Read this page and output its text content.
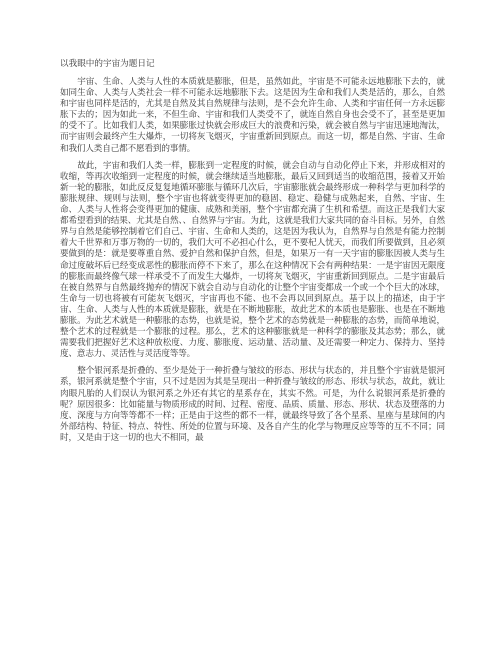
以我眼中的宇宙为题日记

宇宙、生命、人类与人性的本质就是膨胀，但是，虽然如此，宇宙是不可能永远地膨胀下去的，就如同生命、人类与人类社会一样不可能永远地膨胀下去。这是因为生命和我们人类是活的，那么，自然和宇宙也同样是活的，尤其是自然及其自然规律与法则，是不会允许生命、人类和宇宙任何一方永远膨胀下去的；因为如此一来，不但生命、宇宙和我们人类受不了，就连自然自身也会受不了，甚至是更加的受不了。比如我们人类，如果膨胀过快就会形成巨大的浪费和污染，就会被自然与宇宙迅速地淘汰，而宇宙则会最终产生大爆炸，一切将灰飞烟灭，宇宙重新回到原点。而这一切，都是自然、宇宙、生命和我们人类自己都不愿看到的事情。

故此，宇宙和我们人类一样，膨胀到一定程度的时候，就会自动与自动化停止下来，并形成相对的收缩，等再次收缩到一定程度的时候，就会继续适当地膨胀，最后又回到适当的收缩范围，接着又开始新一轮的膨胀，如此反反复复地循环膨胀与循环几次后，宇宙膨胀就会最终形成一种科学与更加科学的膨胀规律、规则与法则，整个宇宙也将就变得更加的稳固、稳定、稳健与成熟起来，自然、宇宙、生命、人类与人性将会变得更加的健康、成熟和美丽，整个宇宙都充满了生机和希望。而这正是我们大家都希望看到的结果、尤其是自然、、自然界与宇宙。为此，这就是我们大家共同的奋斗目标。另外，自然界与自然是能够控制着它们自己、宇宙、生命和人类的，这是因为我认为，自然界与自然是有能力控制着大千世界和万事万物的一切的，我们大可不必担心什么，更不要杞人忧天，而我们所要做到，且必须要做到的是：就是要尊重自然、爱护自然和保护自然，但是，如果万一有一天宇宙的膨胀因被人类与生命过度破坏后已经变成恶性的膨胀而停不下来了，那么在这种情况下会有两种结果：一是宇宙因无限度的膨胀而最终像气球一样承受不了而发生大爆炸，一切将灰飞烟灭，宇宙重新回到原点。二是宇宙最后在被自然界与自然最终抛弃的情况下就会自动与自动化的让整个宇宙变都成一个或一个个巨大的冰球，生命与一切也将被有可能灰飞烟灭，宇宙再也不能、也不会再以回到原点。基于以上的描述，由于宇宙、生命、人类与人性的本质就是膨胀，就是在不断地膨胀，故此艺术的本质也是膨胀、也是在不断地膨胀。为此艺术就是一种膨胀的态势，也就是说，整个艺术的态势就是一种膨胀的态势，而简单地说，整个艺术的过程就是一个膨胀的过程。那么，艺术的这种膨胀就是一种科学的膨胀及其态势；那么，就需要我们把握好艺术这种放松度、力度、膨胀度、运动量、活动量、及还需要一种定力、保持力、坚持度、意志力、灵活性与灵活度等等。

整个银河系是折叠的、至少是处于一种折叠与皱纹的形态、形状与状态的，并且整个宇宙就是银河系，银河系就是整个宇宙，只不过是因为其是呈现出一种折叠与皱纹的形态、形状与状态，故此，就让肉眼凡胎的人们误认为银河系之外还有其它的星系存在，其实不然。可是，为什么说银河系是折叠的呢？原因很多：比如能量与物质形成的时间、过程、密度、品质、质量、形态、形状、状态及堕落的力度、深度与方向等等都不一样；正是由于这些的都不一样，就最终导致了各个星系、星座与星球间的内外部结构、特征、特点、特性、所处的位置与环境、及各自产生的化学与物理反应等等的互不不同；同时，又是由于这一切的也大不相同，最
